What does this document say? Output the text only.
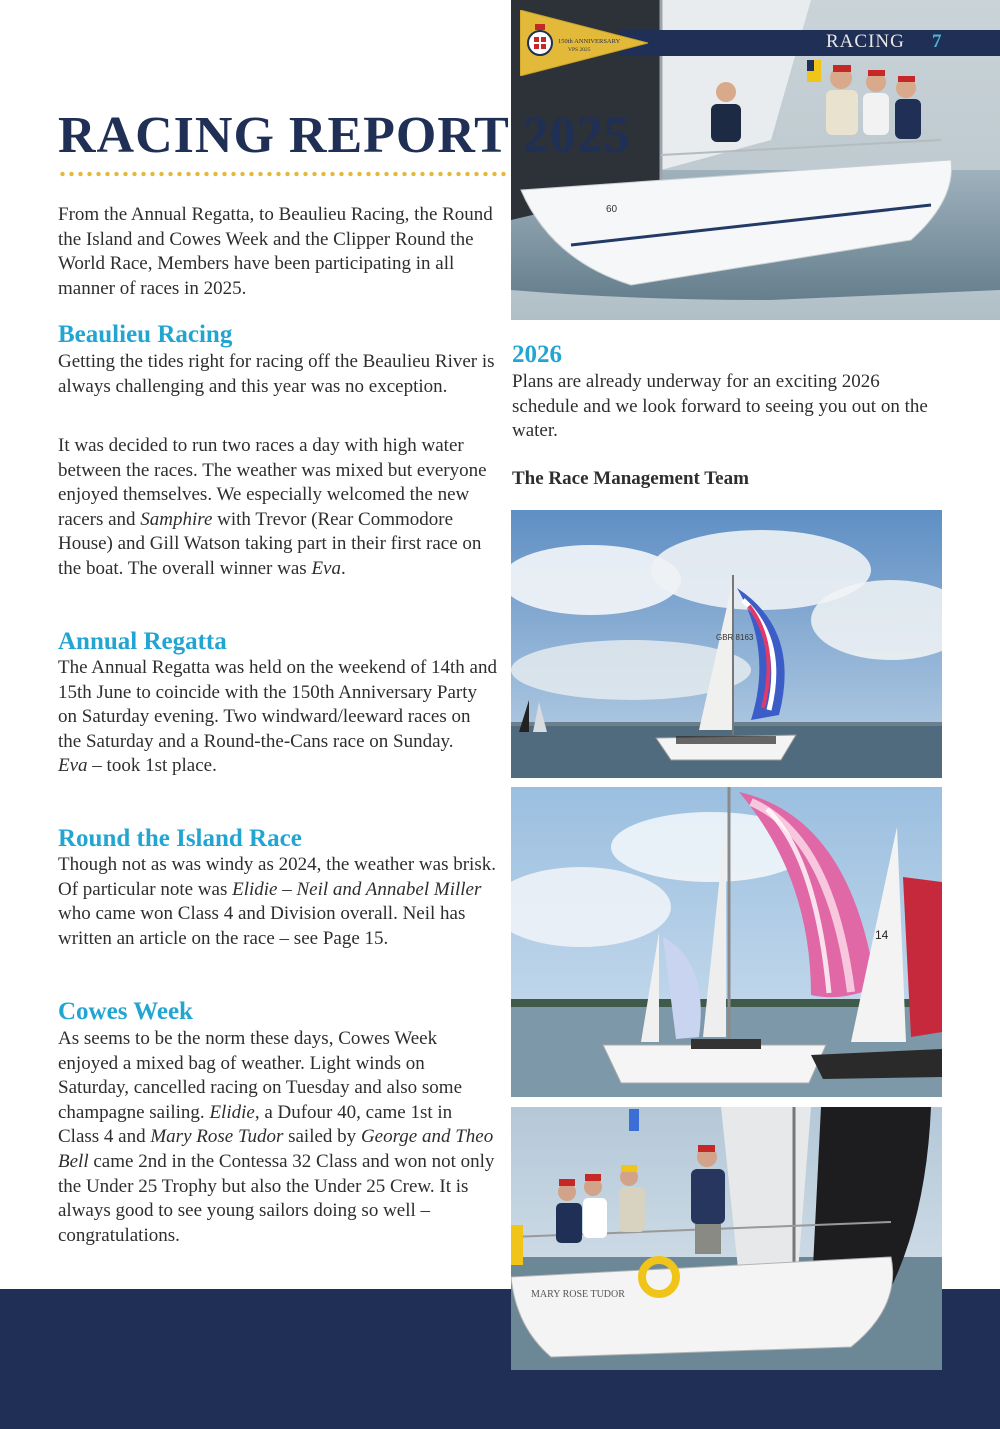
60
RACING 7
150th ANNIVERSARY
VPS 2025
RACING REPORT 2025

From the Annual Regatta, to Beaulieu Racing, the Round the Island and Cowes Week and the Clipper Round the World Race, Members have been participating in all manner of races in 2025.

Beaulieu Racing

Getting the tides right for racing off the Beaulieu River is always challenging and this year was no exception.

It was decided to run two races a day with high water between the races. The weather was mixed but everyone enjoyed themselves. We especially welcomed the new racers and Samphire with Trevor (Rear Commodore House) and Gill Watson taking part in their first race on the boat. The overall winner was Eva.

Annual Regatta

The Annual Regatta was held on the weekend of 14th and 15th June to coincide with the 150th Anniversary Party on Saturday evening. Two windward/leeward races on the Saturday and a Round-the-Cans race on Sunday.
Eva – took 1st place.

Round the Island Race

Though not as was windy as 2024, the weather was brisk. Of particular note was Elidie – Neil and Annabel Miller who came won Class 4 and Division overall. Neil has written an article on the race – see Page 15.

Cowes Week

As seems to be the norm these days, Cowes Week enjoyed a mixed bag of weather. Light winds on Saturday, cancelled racing on Tuesday and also some champagne sailing. Elidie, a Dufour 40, came 1st in Class 4 and Mary Rose Tudor sailed by George and Theo Bell came 2nd in the Contessa 32 Class and won not only the Under 25 Trophy but also the Under 25 Crew. It is always good to see young sailors doing so well – congratulations.

2026

Plans are already underway for an exciting 2026 schedule and we look forward to seeing you out on the water.

The Race Management Team
GBR 8163
14
MARY ROSE TUDOR
